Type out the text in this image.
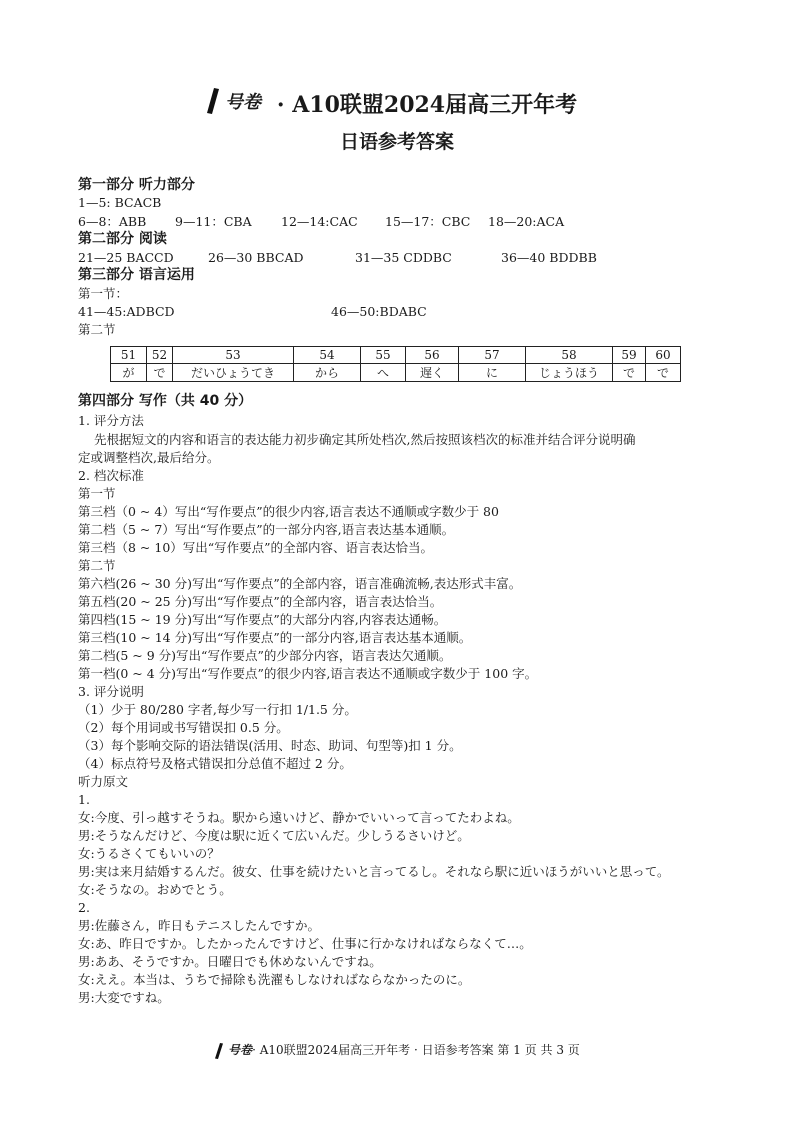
号卷 · A10联盟2024届高三开年考
日语参考答案
第一部分 听力部分
1—5: BCACB
6—8：ABB 9—11：CBA 12—14:CAC 15—17：CBC 18—20:ACA
第二部分 阅读
21—25 BACCD	26—30 BBCAD	31—35 CDDBC	36—40 BDDBB
第三部分 语言运用
第一节：
41—45:ADBCD	46—50:BDABC
第二节
51	52	53	54	55	56	57	58	59	60
が	で	だいひょうてき	から	へ	遅く	に	じょうほう	で	で
第四部分 写作（共 40 分）
1. 评分方法
先根据短文的内容和语言的表达能力初步确定其所处档次,然后按照该档次的标准并结合评分说明确
定或调整档次,最后给分。
2. 档次标准
第一节
第三档（0 ~ 4）写出“写作要点”的很少内容,语言表达不通顺或字数少于 80
第二档（5 ~ 7）写出“写作要点”的一部分内容,语言表达基本通顺。
第三档（8 ~ 10）写出“写作要点”的全部内容、语言表达恰当。
第二节
第六档(26 ~ 30 分)写出“写作要点”的全部内容，语言准确流畅,表达形式丰富。
第五档(20 ~ 25 分)写出“写作要点”的全部内容，语言表达恰当。
第四档(15 ~ 19 分)写出“写作要点”的大部分内容,内容表达通畅。
第三档(10 ~ 14 分)写出“写作要点”的一部分内容,语言表达基本通顺。
第二档(5 ~ 9 分)写出“写作要点”的少部分内容，语言表达欠通顺。
第一档(0 ~ 4 分)写出“写作要点”的很少内容,语言表达不通顺或字数少于 100 字。
3. 评分说明
（1）少于 80/280 字者,每少写一行扣 1/1.5 分。
（2）每个用词或书写错误扣 0.5 分。
（3）每个影响交际的语法错误(活用、时态、助词、句型等)扣 1 分。
（4）标点符号及格式错误扣分总值不超过 2 分。
听力原文
1.
女:今度、引っ越すそうね。駅から遠いけど、静かでいいって言ってたわよね。
男:そうなんだけど、今度は駅に近くて広いんだ。少しうるさいけど。
女:うるさくてもいいの？
男:実は来月結婚するんだ。彼女、仕事を続けたいと言ってるし。それなら駅に近いほうがいいと思って。
女:そうなの。おめでとう。
2.
男:佐藤さん，昨日もテニスしたんですか。
女:あ、昨日ですか。したかったんですけど、仕事に行かなければならなくて…。
男:ああ、そうですか。日曜日でも休めないんですね。
女:ええ。本当は、うちで掃除も洗濯もしなければならなかったのに。
男:大変ですね。
号卷· A10联盟2024届高三开年考 · 日语参考答案 第 1 页 共 3 页
